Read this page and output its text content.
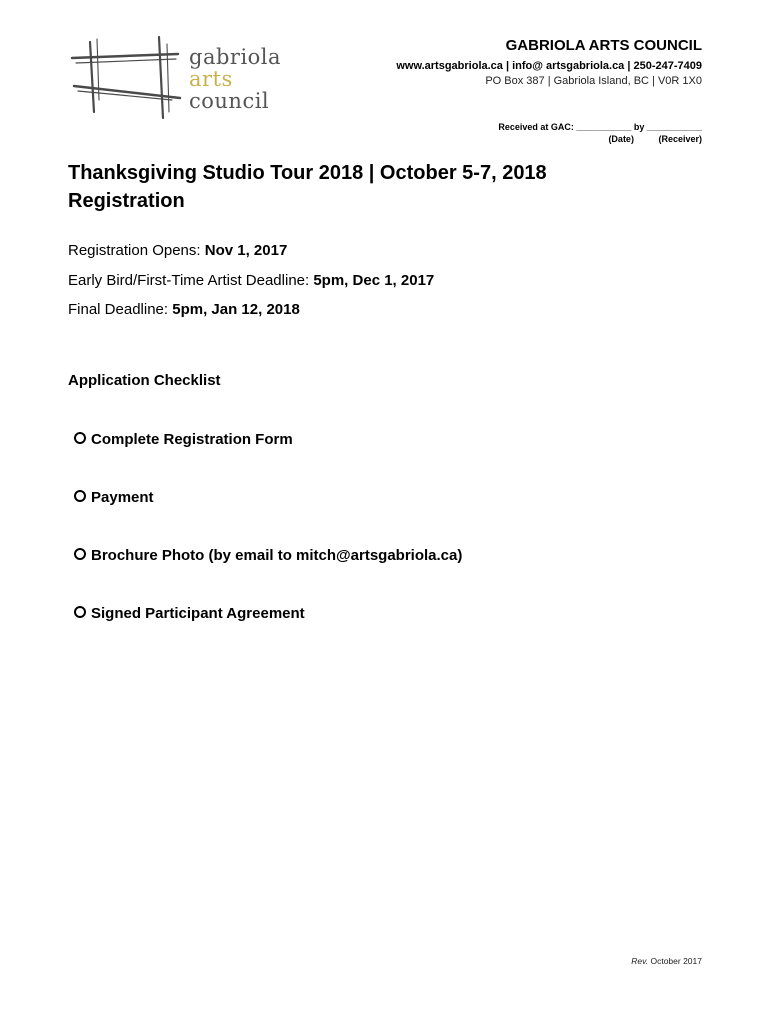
gabriola
arts
council
GABRIOLA ARTS COUNCIL
www.artsgabriola.ca | info@ artsgabriola.ca | 250-247-7409
PO Box 387 | Gabriola Island, BC | V0R 1X0
Received at GAC: ___________ by ___________
(Date)	(Receiver)
Thanksgiving Studio Tour 2018 | October 5-7, 2018
Registration
Registration Opens: Nov 1, 2017
Early Bird/First-Time Artist Deadline: 5pm, Dec 1, 2017
Final Deadline: 5pm, Jan 12, 2018
Application Checklist
Complete Registration Form
Payment
Brochure Photo (by email to mitch@artsgabriola.ca)
Signed Participant Agreement
Rev. October 2017
